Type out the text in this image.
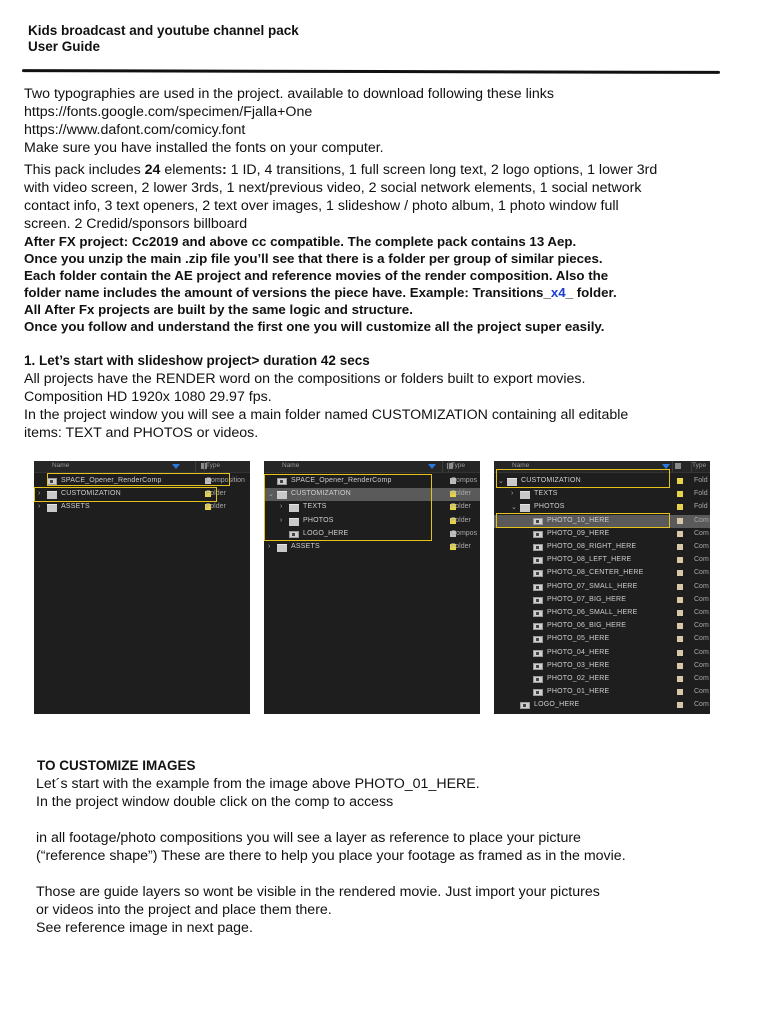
Kids broadcast and youtube channel pack
User Guide
Two typographies are used in the project. available to download following these links
https://fonts.google.com/specimen/Fjalla+One
https://www.dafont.com/comicy.font
Make sure you have installed the fonts on your computer.
This pack includes 24 elements: 1 ID, 4 transitions, 1 full screen long text, 2 logo options, 1 lower 3rd
with video screen, 2 lower 3rds, 1 next/previous video, 2 social network elements, 1 social network
contact info, 3 text openers, 2 text over images, 1 slideshow / photo album, 1 photo window full
screen. 2 Credid/sponsors billboard
After FX project: Cc2019 and above cc compatible. The complete pack contains 13 Aep.
Once you unzip the main .zip file you’ll see that there is a folder per group of similar pieces.
Each folder contain the AE project and reference movies of the render composition. Also the
folder name includes the amount of versions the piece have. Example: Transitions_x4_ folder.
All After Fx projects are built by the same logic and structure.
Once you follow and understand the first one you will customize all the project super easily.
1. Let’s start with slideshow project> duration 42 secs
All projects have the RENDER word on the compositions or folders built to export movies.
Composition HD 1920x 1080 29.97 fps.
In the project window you will see a main folder named CUSTOMIZATION containing all editable
items: TEXT and PHOTOS or videos.
Name	Type
SPACE_Opener_RenderComp	Composition
›	CUSTOMIZATION	Folder
›	ASSETS	Folder
Name	Type
SPACE_Opener_RenderComp	Compos
⌄ CUSTOMIZATION	Folder
›	TEXTS	Folder
›	PHOTOS	Folder
LOGO_HERE	Compos
›	ASSETS	Folder
Name	Type
⌄ CUSTOMIZATION	Fold
›	TEXTS	Fold
⌄ PHOTOS	Fold
PHOTO_10_HERE	Com
PHOTO_09_HERE	Com
PHOTO_08_RIGHT_HERE	Com
PHOTO_08_LEFT_HERE	Com
PHOTO_08_CENTER_HERE	Com
PHOTO_07_SMALL_HERE	Com
PHOTO_07_BIG_HERE	Com
PHOTO_06_SMALL_HERE	Com
PHOTO_06_BIG_HERE	Com
PHOTO_05_HERE	Com
PHOTO_04_HERE	Com
PHOTO_03_HERE	Com
PHOTO_02_HERE	Com
PHOTO_01_HERE	Com
LOGO_HERE	Com
TO CUSTOMIZE IMAGES
Let´s start with the example from the image above PHOTO_01_HERE.
In the project window double click on the comp to access
in all footage/photo compositions you will see a layer as reference to place your picture
(“reference shape”) These are there to help you place your footage as framed as in the movie.
Those are guide layers so wont be visible in the rendered movie. Just import your pictures
or videos into the project and place them there.
See reference image in next page.
